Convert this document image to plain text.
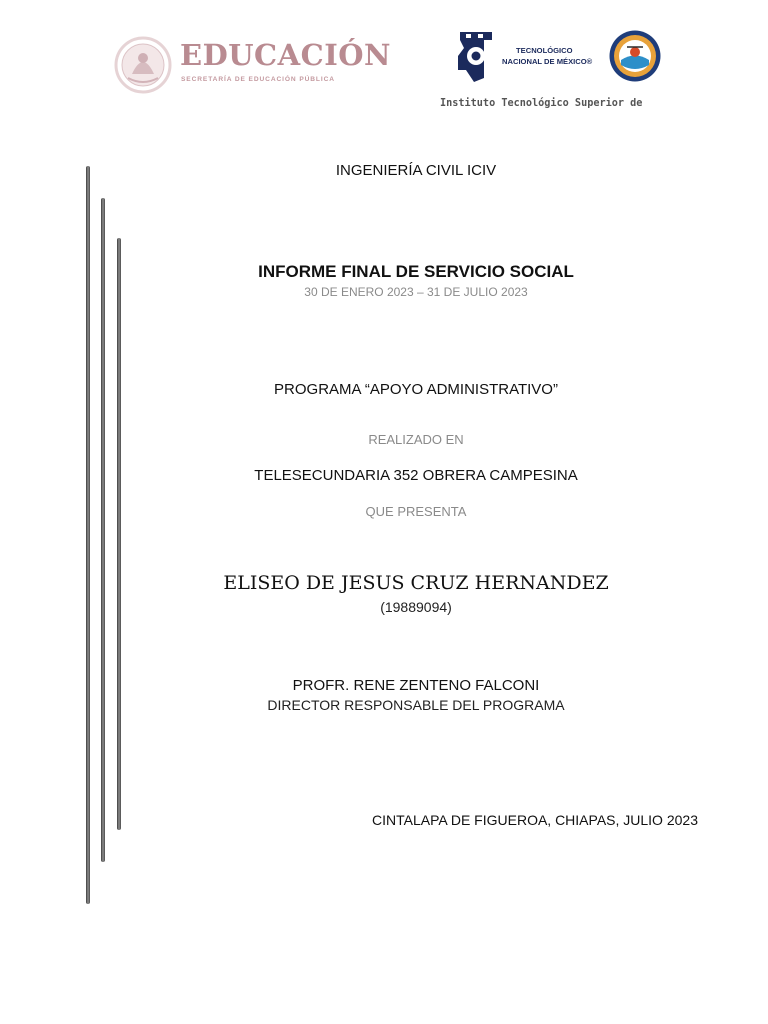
EDUCACIÓN
SECRETARÍA DE EDUCACIÓN PÚBLICA
TECNOLÓGICO
NACIONAL DE MÉXICO®
Instituto Tecnológico Superior de
INGENIERÍA CIVIL ICIV
INFORME FINAL DE SERVICIO SOCIAL
30 DE ENERO 2023 – 31 DE JULIO 2023
PROGRAMA “APOYO ADMINISTRATIVO”
REALIZADO EN
TELESECUNDARIA 352 OBRERA CAMPESINA
QUE PRESENTA
ELISEO DE JESUS CRUZ HERNANDEZ
(19889094)
PROFR. RENE ZENTENO FALCONI
DIRECTOR RESPONSABLE DEL PROGRAMA
CINTALAPA DE FIGUEROA, CHIAPAS, JULIO 2023
